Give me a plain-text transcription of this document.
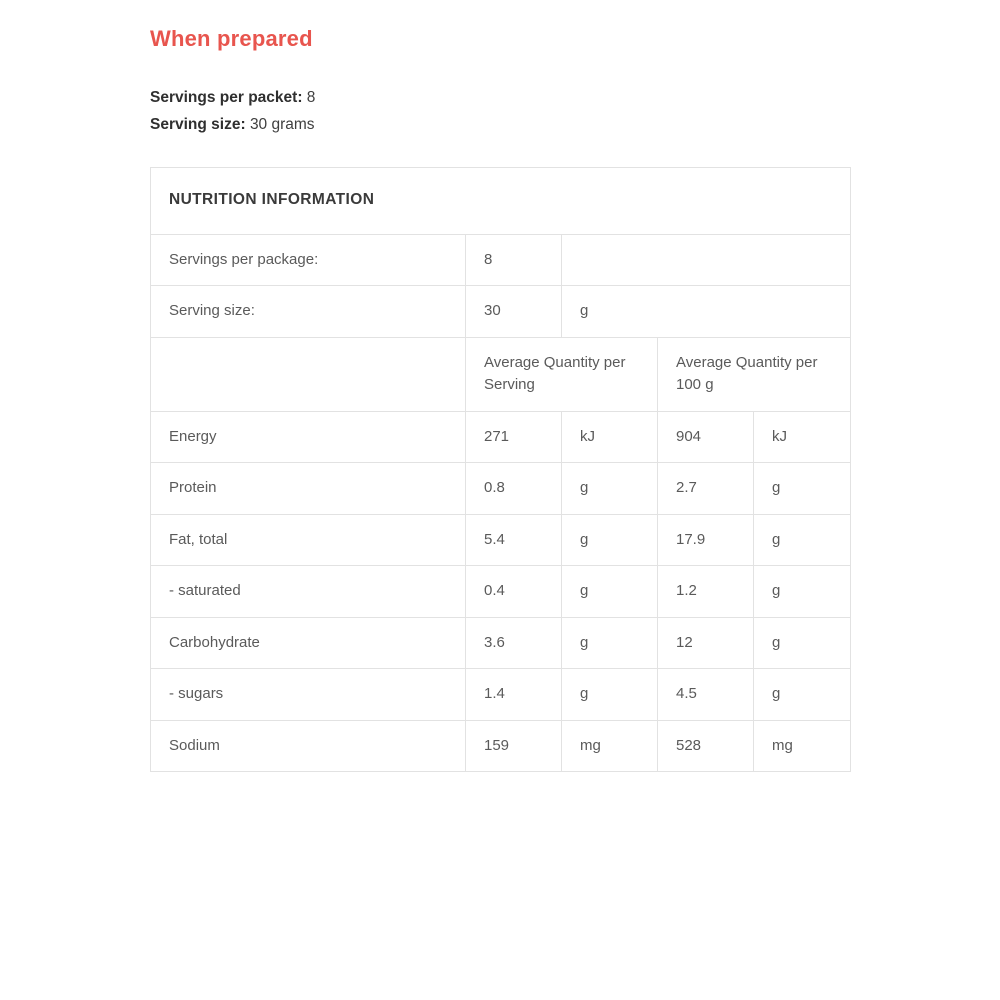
When prepared
Servings per packet: 8
Serving size: 30 grams
NUTRITION INFORMATION				
Servings per package:	8			
Serving size:	30	g		
	Average Quantity per Serving		Average Quantity per 100 g	
Energy	271	kJ	904	kJ
Protein	0.8	g	2.7	g
Fat, total	5.4	g	17.9	g
- saturated	0.4	g	1.2	g
Carbohydrate	3.6	g	12	g
- sugars	1.4	g	4.5	g
Sodium	159	mg	528	mg
